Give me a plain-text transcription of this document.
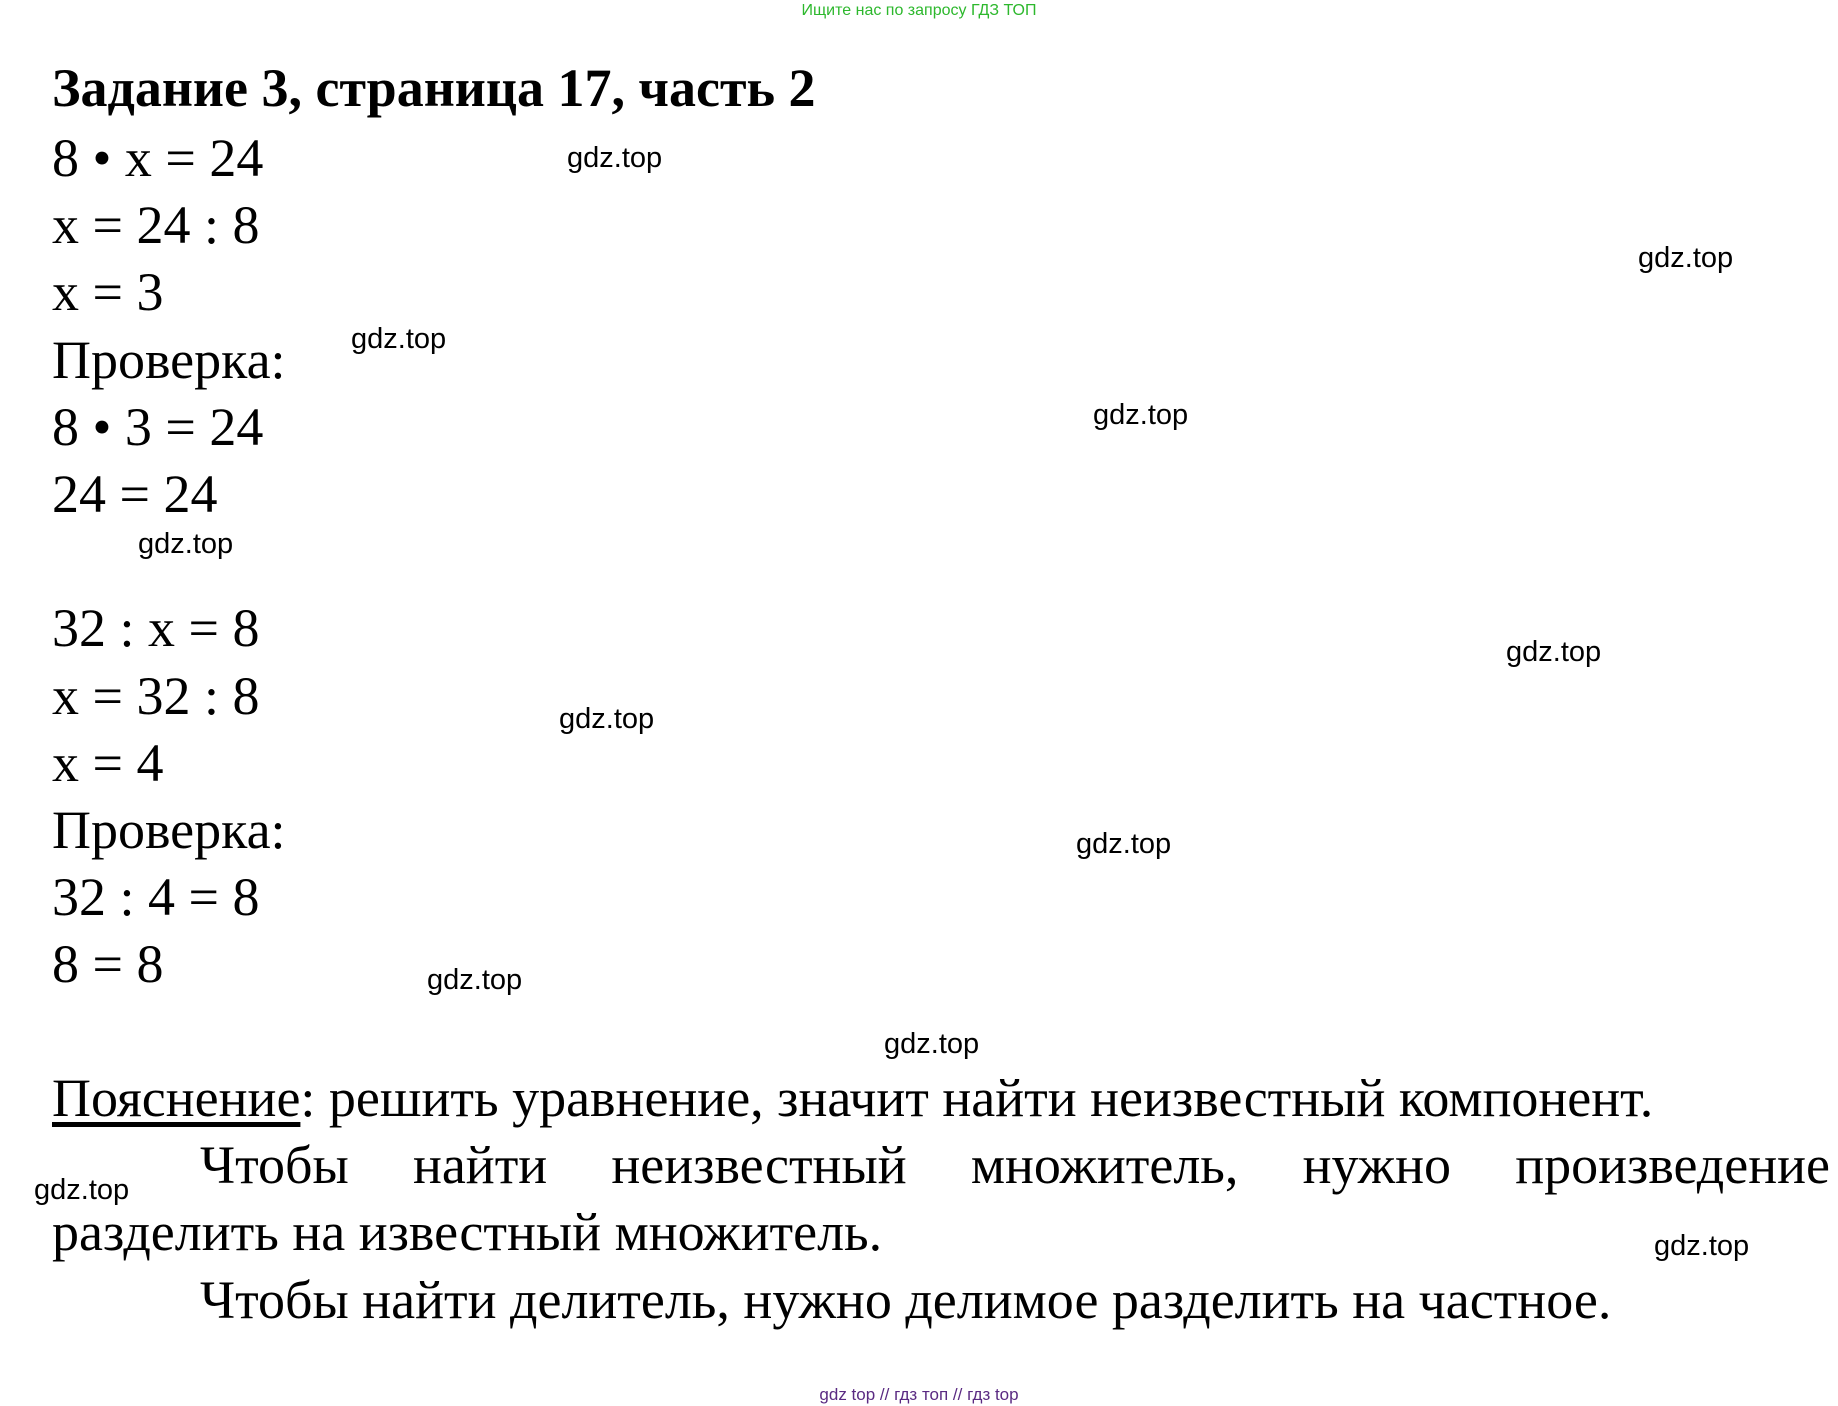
Ищите нас по запросу ГДЗ ТОП
Задание 3, страница 17, часть 2
8 • x = 24
x = 24 : 8
x = 3
Проверка:
8 • 3 = 24
24 = 24
32 : x = 8
x = 32 : 8
x = 4
Проверка:
32 : 4 = 8
8 = 8
Пояснение: решить уравнение, значит найти неизвестный компонент.
Чтобы найти неизвестный множитель, нужно произведение
разделить на известный множитель.
Чтобы найти делитель, нужно делимое разделить на частное.
gdz.top
gdz.top
gdz.top
gdz.top
gdz.top
gdz.top
gdz.top
gdz.top
gdz.top
gdz.top
gdz.top
gdz.top
gdz top // гдз топ // гдз top
